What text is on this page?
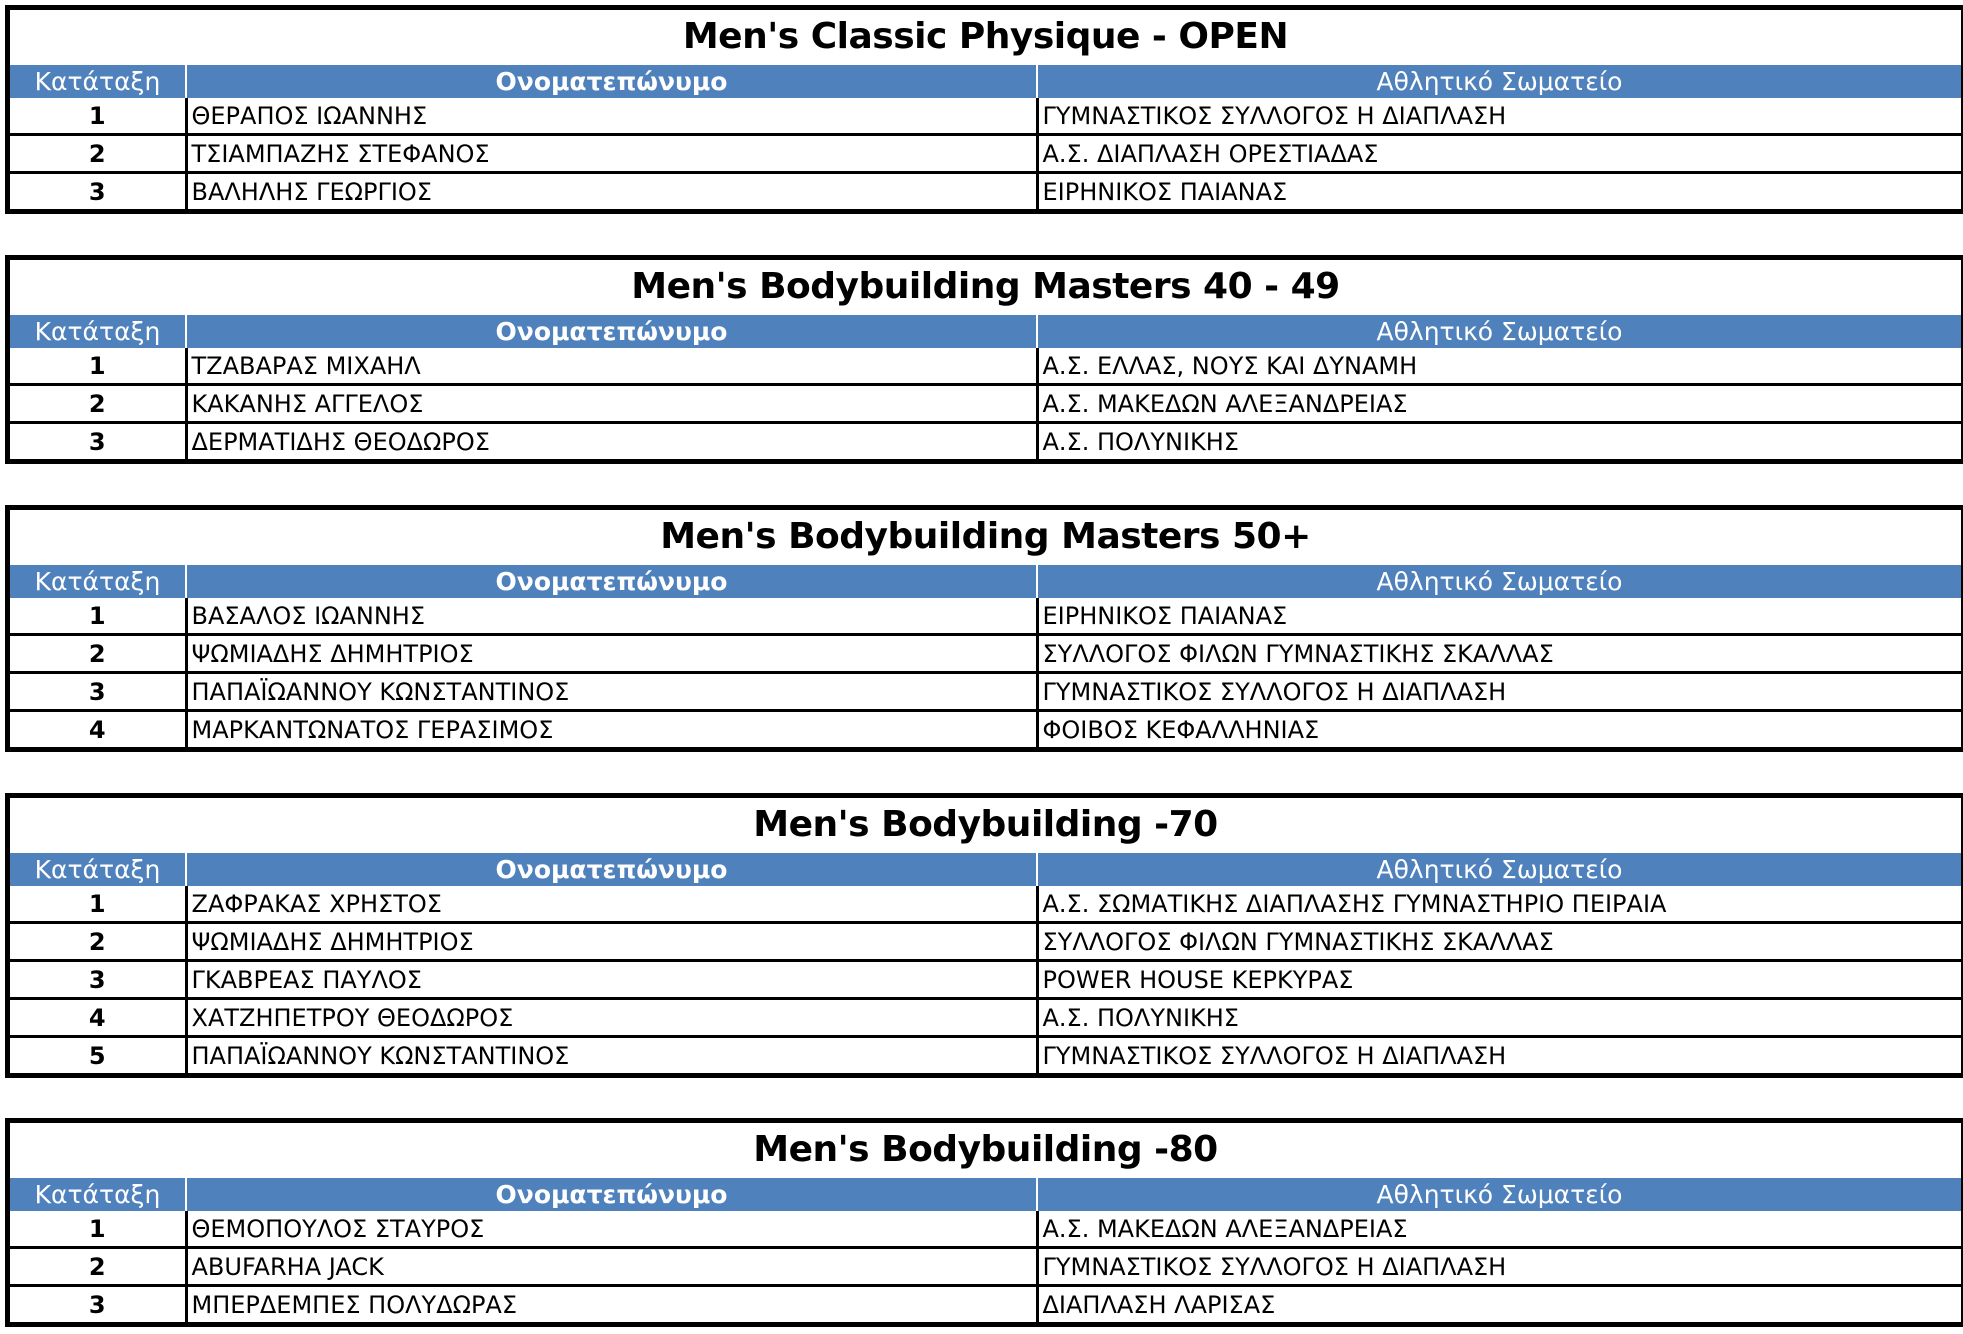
Men's Classic Physique - OPEN
Κατάταξη	Ονοματεπώνυμο	Αθλητικό Σωματείο
1	ΘΕΡΑΠΟΣ ΙΩΑΝΝΗΣ	ΓΥΜΝΑΣΤΙΚΟΣ ΣΥΛΛΟΓΟΣ Η ΔΙΑΠΛΑΣΗ
2	ΤΣΙΑΜΠΑΖΗΣ ΣΤΕΦΑΝΟΣ	Α.Σ. ΔΙΑΠΛΑΣΗ ΟΡΕΣΤΙΑΔΑΣ
3	ΒΑΛΗΛΗΣ ΓΕΩΡΓΙΟΣ	ΕΙΡΗΝΙΚΟΣ ΠΑΙΑΝΑΣ
Men's Bodybuilding Masters 40 - 49
Κατάταξη	Ονοματεπώνυμο	Αθλητικό Σωματείο
1	ΤΖΑΒΑΡΑΣ ΜΙΧΑΗΛ	Α.Σ. ΕΛΛΑΣ, ΝΟΥΣ ΚΑΙ ΔΥΝΑΜΗ
2	ΚΑΚΑΝΗΣ ΑΓΓΕΛΟΣ	Α.Σ. ΜΑΚΕΔΩΝ ΑΛΕΞΑΝΔΡΕΙΑΣ
3	ΔΕΡΜΑΤΙΔΗΣ ΘΕΟΔΩΡΟΣ	Α.Σ. ΠΟΛΥΝΙΚΗΣ
Men's Bodybuilding Masters 50+
Κατάταξη	Ονοματεπώνυμο	Αθλητικό Σωματείο
1	ΒΑΣΑΛΟΣ ΙΩΑΝΝΗΣ	ΕΙΡΗΝΙΚΟΣ ΠΑΙΑΝΑΣ
2	ΨΩΜΙΑΔΗΣ ΔΗΜΗΤΡΙΟΣ	ΣΥΛΛΟΓΟΣ ΦΙΛΩΝ ΓΥΜΝΑΣΤΙΚΗΣ ΣΚΑΛΛΑΣ
3	ΠΑΠΑΪΩΑΝΝΟΥ ΚΩΝΣΤΑΝΤΙΝΟΣ	ΓΥΜΝΑΣΤΙΚΟΣ ΣΥΛΛΟΓΟΣ Η ΔΙΑΠΛΑΣΗ
4	ΜΑΡΚΑΝΤΩΝΑΤΟΣ ΓΕΡΑΣΙΜΟΣ	ΦΟΙΒΟΣ ΚΕΦΑΛΛΗΝΙΑΣ
Men's Bodybuilding -70
Κατάταξη	Ονοματεπώνυμο	Αθλητικό Σωματείο
1	ΖΑΦΡΑΚΑΣ ΧΡΗΣΤΟΣ	Α.Σ. ΣΩΜΑΤΙΚΗΣ ΔΙΑΠΛΑΣΗΣ ΓΥΜΝΑΣΤΗΡΙΟ ΠΕΙΡΑΙΑ
2	ΨΩΜΙΑΔΗΣ ΔΗΜΗΤΡΙΟΣ	ΣΥΛΛΟΓΟΣ ΦΙΛΩΝ ΓΥΜΝΑΣΤΙΚΗΣ ΣΚΑΛΛΑΣ
3	ΓΚΑΒΡΕΑΣ ΠΑΥΛΟΣ	POWER HOUSE ΚΕΡΚΥΡΑΣ
4	ΧΑΤΖΗΠΕΤΡΟΥ ΘΕΟΔΩΡΟΣ	Α.Σ. ΠΟΛΥΝΙΚΗΣ
5	ΠΑΠΑΪΩΑΝΝΟΥ ΚΩΝΣΤΑΝΤΙΝΟΣ	ΓΥΜΝΑΣΤΙΚΟΣ ΣΥΛΛΟΓΟΣ Η ΔΙΑΠΛΑΣΗ
Men's Bodybuilding -80
Κατάταξη	Ονοματεπώνυμο	Αθλητικό Σωματείο
1	ΘΕΜΟΠΟΥΛΟΣ ΣΤΑΥΡΟΣ	Α.Σ. ΜΑΚΕΔΩΝ ΑΛΕΞΑΝΔΡΕΙΑΣ
2	ABUFARHA JACK	ΓΥΜΝΑΣΤΙΚΟΣ ΣΥΛΛΟΓΟΣ Η ΔΙΑΠΛΑΣΗ
3	ΜΠΕΡΔΕΜΠΕΣ ΠΟΛΥΔΩΡΑΣ	ΔΙΑΠΛΑΣΗ ΛΑΡΙΣΑΣ
